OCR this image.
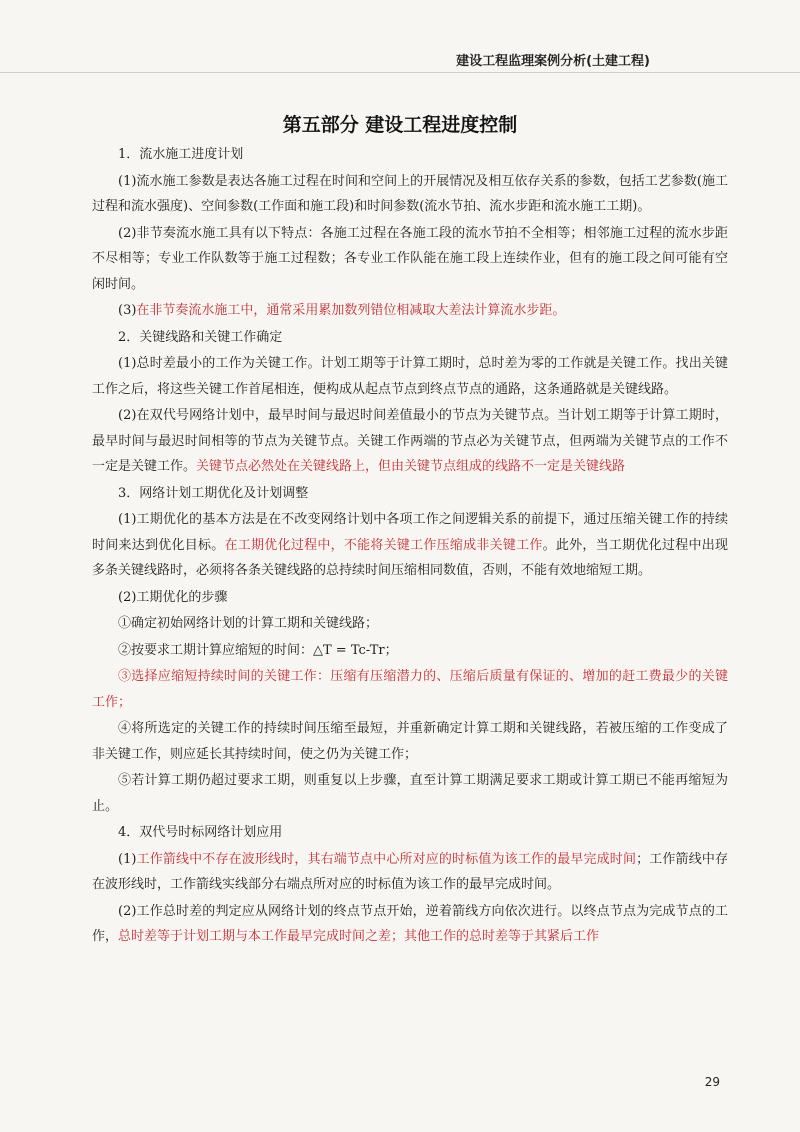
建设工程监理案例分析(土建工程)
第五部分 建设工程进度控制

1．流水施工进度计划

(1)流水施工参数是表达各施工过程在时间和空间上的开展情况及相互依存关系的参数，包括工艺参数(施工过程和流水强度)、空间参数(工作面和施工段)和时间参数(流水节拍、流水步距和流水施工工期)。

(2)非节奏流水施工具有以下特点：各施工过程在各施工段的流水节拍不全相等；相邻施工过程的流水步距不尽相等；专业工作队数等于施工过程数；各专业工作队能在施工段上连续作业，但有的施工段之间可能有空闲时间。

(3)在非节奏流水施工中，通常采用累加数列错位相减取大差法计算流水步距。

2．关键线路和关键工作确定

(1)总时差最小的工作为关键工作。计划工期等于计算工期时，总时差为零的工作就是关键工作。找出关键工作之后，将这些关键工作首尾相连，便构成从起点节点到终点节点的通路，这条通路就是关键线路。

(2)在双代号网络计划中，最早时间与最迟时间差值最小的节点为关键节点。当计划工期等于计算工期时，最早时间与最迟时间相等的节点为关键节点。关键工作两端的节点必为关键节点，但两端为关键节点的工作不一定是关键工作。关键节点必然处在关键线路上，但由关键节点组成的线路不一定是关键线路

3．网络计划工期优化及计划调整

(1)工期优化的基本方法是在不改变网络计划中各项工作之间逻辑关系的前提下，通过压缩关键工作的持续时间来达到优化目标。在工期优化过程中，不能将关键工作压缩成非关键工作。此外，当工期优化过程中出现多条关键线路时，必须将各条关键线路的总持续时间压缩相同数值，否则，不能有效地缩短工期。

(2)工期优化的步骤

①确定初始网络计划的计算工期和关键线路；

②按要求工期计算应缩短的时间：△T = Tc-Tr；

③选择应缩短持续时间的关键工作：压缩有压缩潜力的、压缩后质量有保证的、增加的赶工费最少的关键工作；

④将所选定的关键工作的持续时间压缩至最短，并重新确定计算工期和关键线路，若被压缩的工作变成了非关键工作，则应延长其持续时间，使之仍为关键工作；

⑤若计算工期仍超过要求工期，则重复以上步骤，直至计算工期满足要求工期或计算工期已不能再缩短为止。

4．双代号时标网络计划应用

(1)工作箭线中不存在波形线时，其右端节点中心所对应的时标值为该工作的最早完成时间；工作箭线中存在波形线时，工作箭线实线部分右端点所对应的时标值为该工作的最早完成时间。

(2)工作总时差的判定应从网络计划的终点节点开始，逆着箭线方向依次进行。以终点节点为完成节点的工作，总时差等于计划工期与本工作最早完成时间之差；其他工作的总时差等于其紧后工作

29
